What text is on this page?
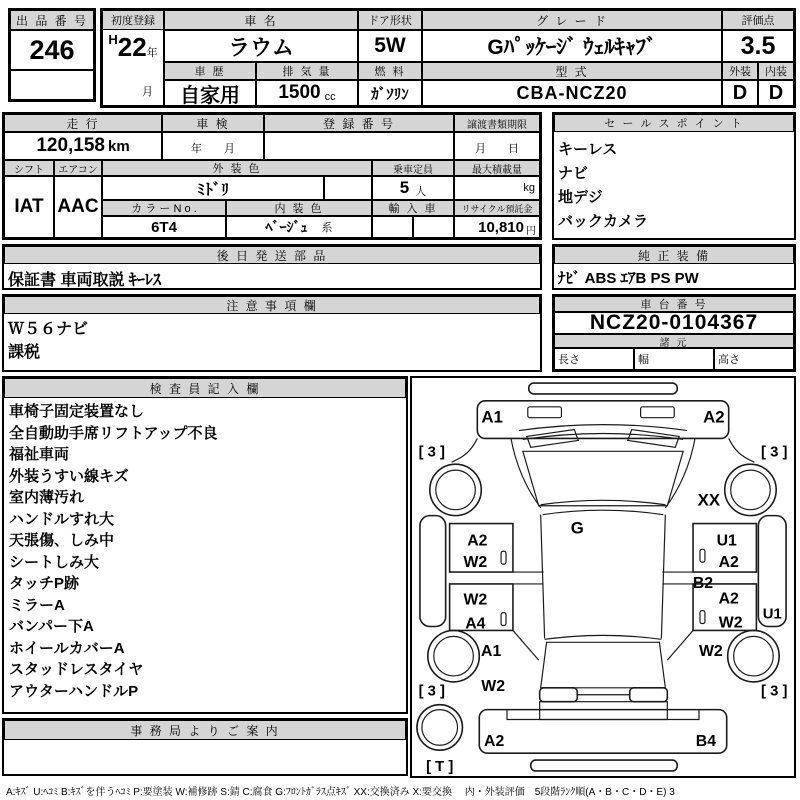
出 品 番 号
246
初度登録
$^H$22年
月
車 名
ラウム
ドア形状
5W
グ レ ー ド
Gﾊﾟｯｹｰｼﾞ ｳｪﾙｷｬﾌﾞ
評価点
3.5
車 歴
自家用
排 気 量
1500 cc
燃 料
ｶﾞｿﾘﾝ
型 式
CBA-NCZ20
外装	内装
D	D
走 行
120,158 km
車 検
年　　月
登 録 番 号	譲渡書類期限
月　　日
シフト
IAT
エアコン
AAC
外 装 色
ﾐﾄﾞﾘ
乗車定員
5 人
最大積載量
kg
カ ラ ー N o .
6T4
内 装 色
ﾍﾞｰｼﾞｭ 系
輸 入 車	リサイクル預託金
10,810 円
セ ー ル ス ポ イ ン ト
キーレス
ナビ
地デジ
バックカメラ
後 日 発 送 部 品
保証書 車両取説 ｷｰﾚｽ
純 正 装 備
ﾅﾋﾞ ABS ｴｱB PS PW
注 意 事 項 欄
Ｗ５６ナビ
課税
車 台 番 号
NCZ20-0104367
諸 元
長さ	幅	高さ
検 査 員 記 入 欄
車椅子固定装置なし
全自動助手席リフトアップ不良
福祉車両
外装うすい線キズ
室内薄汚れ
ハンドルすれ大
天張傷、しみ中
シートしみ大
タッチP跡
ミラーA
バンパー下A
ホイールカバーA
スタッドレスタイヤ
アウターハンドルP
事 務 局 よ り ご 案 内
A1	A2
G
XX
[ 3 ]	[ 3 ]
U1
A2
W2
W2
A4
U1
A2
B2
A2
W2
A1
W2
W2
[ 3 ]	[ 3 ]
A2	B4
[ T ]
A:ｷｽﾞ U:ﾍｺﾐ B:ｷｽﾞを伴うﾍｺﾐ P:要塗装 W:補修跡 S:錆 C:腐食 G:ﾌﾛﾝﾄｶﾞﾗｽ点ｷｽﾞ XX:交換済み X:要交換　 内・外装評価　5段階ﾗﾝｸ順(A・B・C・D・E) 3
